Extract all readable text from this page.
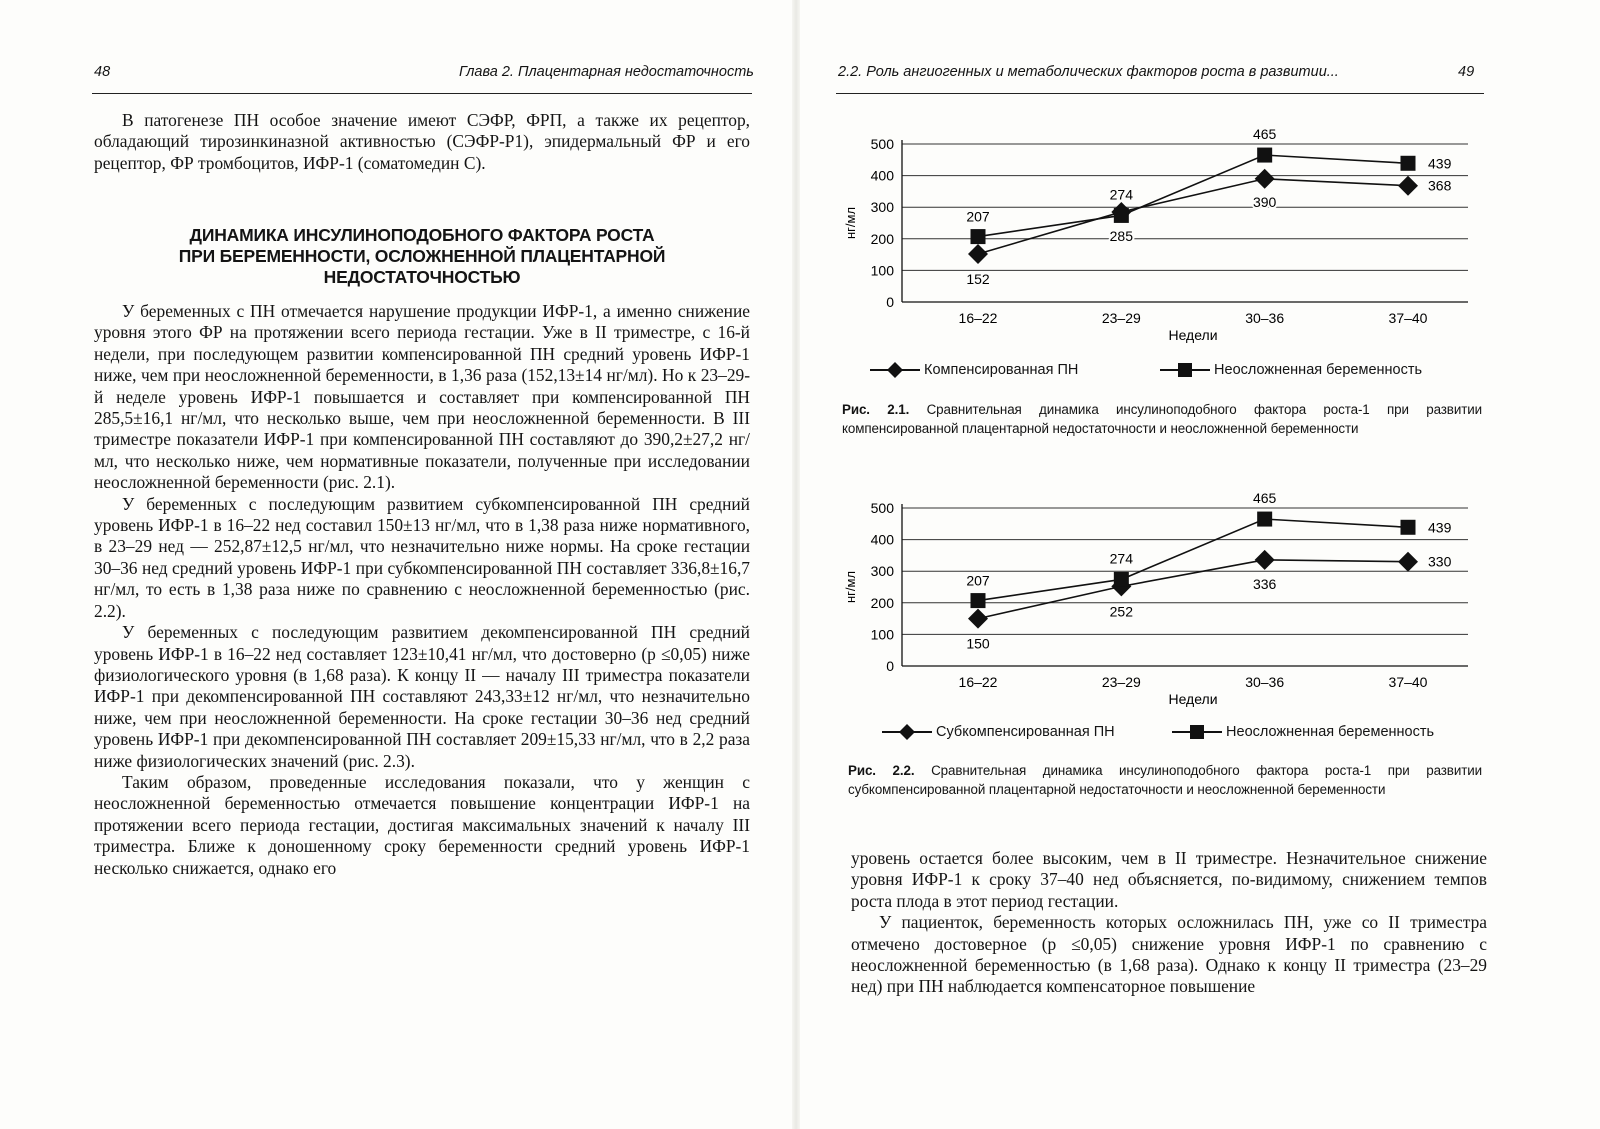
48	Глава 2. Плацентарная недостаточность

В патогенезе ПН особое значение имеют СЭФР, ФРП, а также их рецептор, обладающий тирозинкиназной активностью (СЭФР-Р1), эпидермальный ФР и его рецептор, ФР тромбоцитов, ИФР-1 (соматомедин С).

ДИНАМИКА ИНСУЛИНОПОДОБНОГО ФАКТОРА РОСТА
ПРИ БЕРЕМЕННОСТИ, ОСЛОЖНЕННОЙ ПЛАЦЕНТАРНОЙ
НЕДОСТАТОЧНОСТЬЮ

У беременных с ПН отмечается нарушение продукции ИФР-1, а именно снижение уровня этого ФР на протяжении всего периода гестации. Уже в II триместре, с 16-й недели, при последующем развитии компенсированной ПН средний уровень ИФР-1 ниже, чем при неосложненной беременности, в 1,36 раза (152,13±14 нг/мл). Но к 23–29-й неделе уровень ИФР-1 повышается и составляет при компенсированной ПН 285,5±16,1 нг/мл, что несколько выше, чем при неосложненной беременности. В III триместре показатели ИФР-1 при компенсированной ПН составляют до 390,2±27,2 нг/мл, что несколько ниже, чем нормативные показатели, полученные при исследовании неосложненной беременности (рис. 2.1).

У беременных с последующим развитием субкомпенсированной ПН средний уровень ИФР-1 в 16–22 нед составил 150±13 нг/мл, что в 1,38 раза ниже нормативного, в 23–29 нед — 252,87±12,5 нг/мл, что незначительно ниже нормы. На сроке гестации 30–36 нед средний уровень ИФР-1 при субкомпенсированной ПН составляет 336,8±16,7 нг/мл, то есть в 1,38 раза ниже по сравнению с неосложненной беременностью (рис. 2.2).

У беременных с последующим развитием декомпенсированной ПН средний уровень ИФР-1 в 16–22 нед составляет 123±10,41 нг/мл, что достоверно (р ≤0,05) ниже физиологического уровня (в 1,68 раза). К концу II — началу III триместра показатели ИФР-1 при декомпенсированной ПН составляют 243,33±12 нг/мл, что незначительно ниже, чем при неосложненной беременности. На сроке гестации 30–36 нед средний уровень ИФР-1 при декомпенсированной ПН составляет 209±15,33 нг/мл, что в 2,2 раза ниже физиологических значений (рис. 2.3).

Таким образом, проведенные исследования показали, что у женщин с неосложненной беременностью отмечается повышение концентрации ИФР-1 на протяжении всего периода гестации, достигая максимальных значений к началу III триместра. Ближе к доношенному сроку беременности средний уровень ИФР-1 несколько снижается, однако его

2.2. Роль ангиогенных и метаболических факторов роста в развитии...	49
0
100
200
300
400
500
16–22	23–29	30–36	37–40
Недели
нг/мл
152
285
390
368
207
274
465
439
Компенсированная ПН	Неосложненная беременность
Рис. 2.1. Сравнительная динамика инсулиноподобного фактора роста-1 при развитии компенсированной плацентарной недостаточности и неосложненной беременности
0
100
200
300
400
500
16–22	23–29	30–36	37–40
Недели
нг/мл
150
252
336
330
207
274
465
439
Субкомпенсированная ПН	Неосложненная беременность
Рис. 2.2. Сравнительная динамика инсулиноподобного фактора роста-1 при развитии субкомпенсированной плацентарной недостаточности и неосложненной беременности

уровень остается более высоким, чем в II триместре. Незначительное снижение уровня ИФР-1 к сроку 37–40 нед объясняется, по-видимому, снижением темпов роста плода в этот период гестации.

У пациенток, беременность которых осложнилась ПН, уже со II триместра отмечено достоверное (р ≤0,05) снижение уровня ИФР-1 по сравнению с неосложненной беременностью (в 1,68 раза). Однако к концу II триместра (23–29 нед) при ПН наблюдается компенсаторное повышение
